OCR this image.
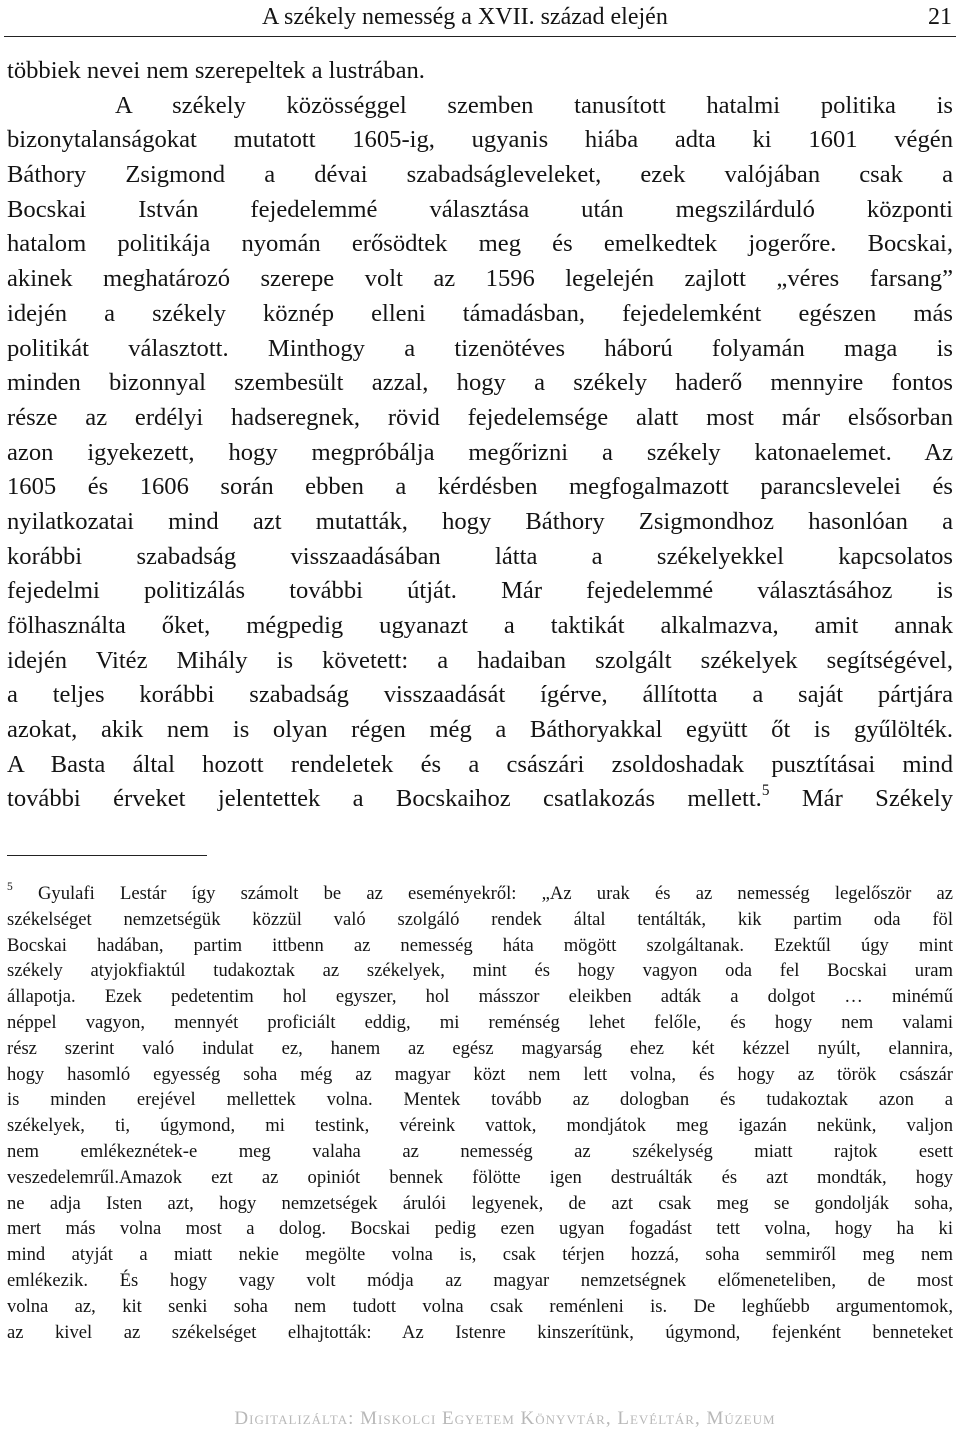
A székely nemesség a XVII. század elején	21
többiek nevei nem szerepeltek a lustrában.
A székely közösséggel szemben tanusított hatalmi politika is
bizonytalanságokat mutatott 1605-ig, ugyanis hiába adta ki 1601 végén
Báthory Zsigmond a dévai szabadságleveleket, ezek valójában csak a
Bocskai István fejedelemmé választása után megszilárduló központi
hatalom politikája nyomán erősödtek meg és emelkedtek jogerőre. Bocskai,
akinek meghatározó szerepe volt az 1596 legelején zajlott „véres farsang”
idején a székely köznép elleni támadásban, fejedelemként egészen más
politikát választott. Minthogy a tizenötéves háború folyamán maga is
minden bizonnyal szembesült azzal, hogy a székely haderő mennyire fontos
része az erdélyi hadseregnek, rövid fejedelemsége alatt most már elsősorban
azon igyekezett, hogy megpróbálja megőrizni a székely katonaelemet. Az
1605 és 1606 során ebben a kérdésben megfogalmazott parancslevelei és
nyilatkozatai mind azt mutatták, hogy Báthory Zsigmondhoz hasonlóan a
korábbi szabadság visszaadásában látta a székelyekkel kapcsolatos
fejedelmi politizálás további útját. Már fejedelemmé választásához is
fölhasználta őket, mégpedig ugyanazt a taktikát alkalmazva, amit annak
idején Vitéz Mihály is követett: a hadaiban szolgált székelyek segítségével,
a teljes korábbi szabadság visszaadását ígérve, állította a saját pártjára
azokat, akik nem is olyan régen még a Báthoryakkal együtt őt is gyűlölték.
A Basta által hozott rendeletek és a császári zsoldoshadak pusztításai mind
további érveket jelentettek a Bocskaihoz csatlakozás mellett.$^5$ Már Székely
$^5$ Gyulafi Lestár így számolt be az eseményekről: „Az urak és az nemesség legelőször az
székelséget nemzetségük közzül való szolgáló rendek által tentálták, kik partim oda föl
Bocskai hadában, partim ittbenn az nemesség háta mögött szolgáltanak. Ezektűl úgy mint
székely atyjokfiaktúl tudakoztak az székelyek, mint és hogy vagyon oda fel Bocskai uram
állapotja. Ezek pedetentim hol egyszer, hol másszor eleikben adták a dolgot … minémű
néppel vagyon, mennyét proficiált eddig, mi reménség lehet felőle, és hogy nem valami
rész szerint való indulat ez, hanem az egész magyarság ehez két kézzel nyúlt, elannira,
hogy hasomló egyesség soha még az magyar közt nem lett volna, és hogy az török császár
is minden erejével mellettek volna. Mentek tovább az dologban és tudakoztak azon a
székelyek, ti, úgymond, mi testink, véreink vattok, mondjátok meg igazán nekünk, valjon
nem emlékeznétek-e meg valaha az nemesség az székelység miatt rajtok esett
veszedelemrűl.Amazok ezt az opiniót bennek fölötte igen destruálták és azt mondták, hogy
ne adja Isten azt, hogy nemzetségek árulói legyenek, de azt csak meg se gondolják soha,
mert más volna most a dolog. Bocskai pedig ezen ugyan fogadást tett volna, hogy ha ki
mind atyját a miatt nekie megölte volna is, csak térjen hozzá, soha semmiről meg nem
emlékezik. És hogy vagy volt módja az magyar nemzetségnek előmeneteliben, de most
volna az, kit senki soha nem tudott volna csak reménleni is. De leghűebb argumentomok,
az kivel az székelséget elhajtották: Az Istenre kinszerítünk, úgymond, fejenként benneteket
Digitalizálta: Miskolci Egyetem Könyvtár, Levéltár, Múzeum
